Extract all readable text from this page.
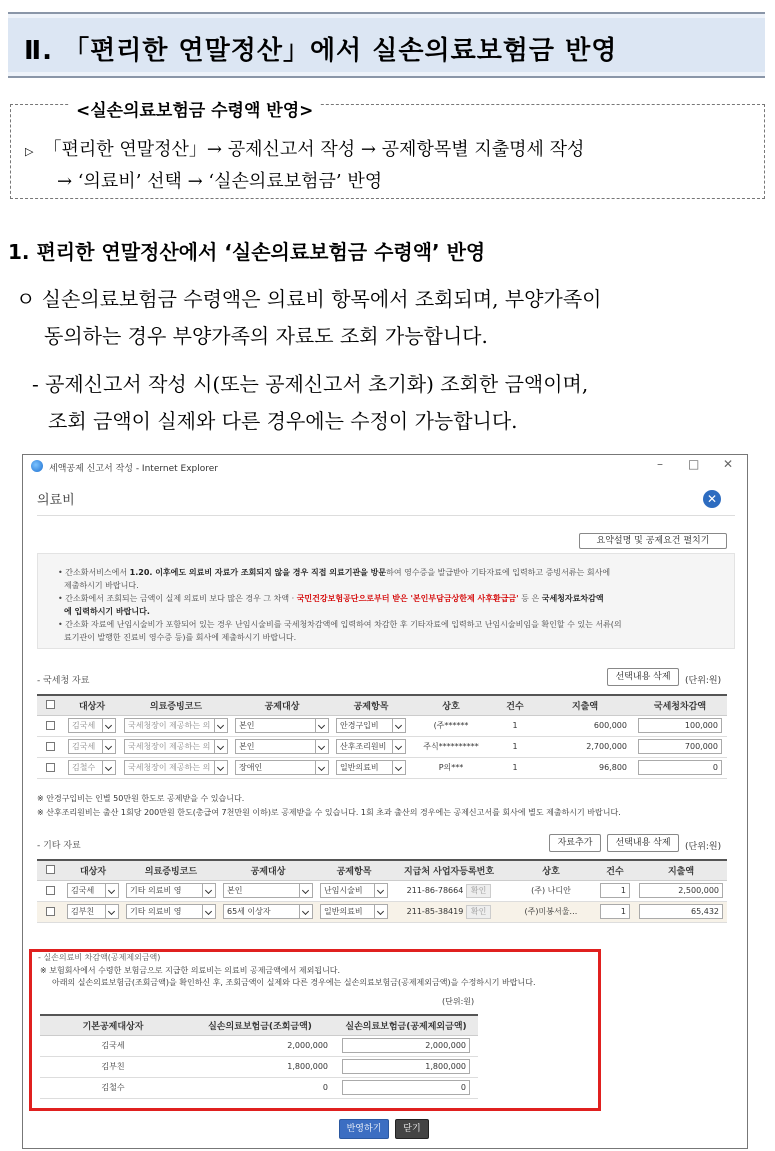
Ⅱ. 「편리한 연말정산」에서 실손의료보험금 반영
▷ 「편리한 연말정산」→ 공제신고서 작성 → 공제항목별 지출명세 작성
→ ‘의료비’ 선택 → ‘실손의료보험금’ 반영
<실손의료보험금 수령액 반영>
1. 편리한 연말정산에서 ‘실손의료보험금 수령액’ 반영
ㅇ 실손의료보험금 수령액은 의료비 항목에서 조회되며, 부양가족이
동의하는 경우 부양가족의 자료도 조회 가능합니다.
- 공제신고서 작성 시(또는 공제신고서 초기화) 조회한 금액이며,
조회 금액이 실제와 다른 경우에는 수정이 가능합니다.
세액공제 신고서 작성 - Internet Explorer	– □ ✕
의료비	✕
요약설명 및 공제요건 펼치기
• 간소화서비스에서 1.20. 이후에도 의료비 자료가 조회되지 않을 경우 직접 의료기관을 방문하여 영수증을 발급받아 기타자료에 입력하고 증빙서류는 회사에
제출하시기 바랍니다.
• 간소화에서 조회되는 금액이 실제 의료비 보다 많은 경우 그 차액 · 국민건강보험공단으로부터 받은 '본인부담금상한제 사후환급금' 등 은 국세청자료차감액
에 입력하시기 바랍니다.
• 간소화 자료에 난임시술비가 포함되어 있는 경우 난임시술비를 국세청차감액에 입력하여 차감한 후 기타자료에 입력하고 난임시술비임을 확인할 수 있는 서류(의
료기관이 발행한 진료비 영수증 등)를 회사에 제출하시기 바랍니다.
- 국세청 자료	선택내용 삭제	(단위:원)
	대상자	의료증빙코드	공제대상	공제항목	상호	건수	지출액	국세청차감액
	김국세	국세청장이 제공하는 의	본인	안경구입비	(주******	1	600,000	100,000
	김국세	국세청장이 제공하는 의	본인	산후조리원비	주식**********	1	2,700,000	700,000
	김철수	국세청장이 제공하는 의	장애인	일반의료비	P의***	1	96,800	0
※ 안경구입비는 인별 50만원 한도로 공제받을 수 있습니다.
※ 산후조리원비는 출산 1회당 200만원 한도(총급여 7천만원 이하)로 공제받을 수 있습니다. 1회 초과 출산의 경우에는 공제신고서를 회사에 별도 제출하시기 바랍니다.
- 기타 자료	자료추가	선택내용 삭제	(단위:원)
	대상자	의료증빙코드	공제대상	공제항목	지급처 사업자등록번호	상호	건수	지출액
	김국세	기타 의료비 영	본인	난임시술비	211-86-78664 확인	(주) 나디안	1	2,500,000
	김부친	기타 의료비 영	65세 이상자	일반의료비	211-85-38419 확인	(주)미봉서울…	1	65,432
- 실손의료비 차감액(공제제외금액)
※ 보험회사에서 수령한 보험금으로 지급한 의료비는 의료비 공제금액에서 제외됩니다.
아래의 실손의료보험금(조회금액)을 확인하신 후, 조회금액이 실제와 다른 경우에는 실손의료보험금(공제제외금액)을 수정하시기 바랍니다.
(단위:원)
기본공제대상자	실손의료보험금(조회금액)	실손의료보험금(공제제외금액)
김국세	2,000,000	2,000,000
김부친	1,800,000	1,800,000
김철수	0	0
반영하기	닫기
